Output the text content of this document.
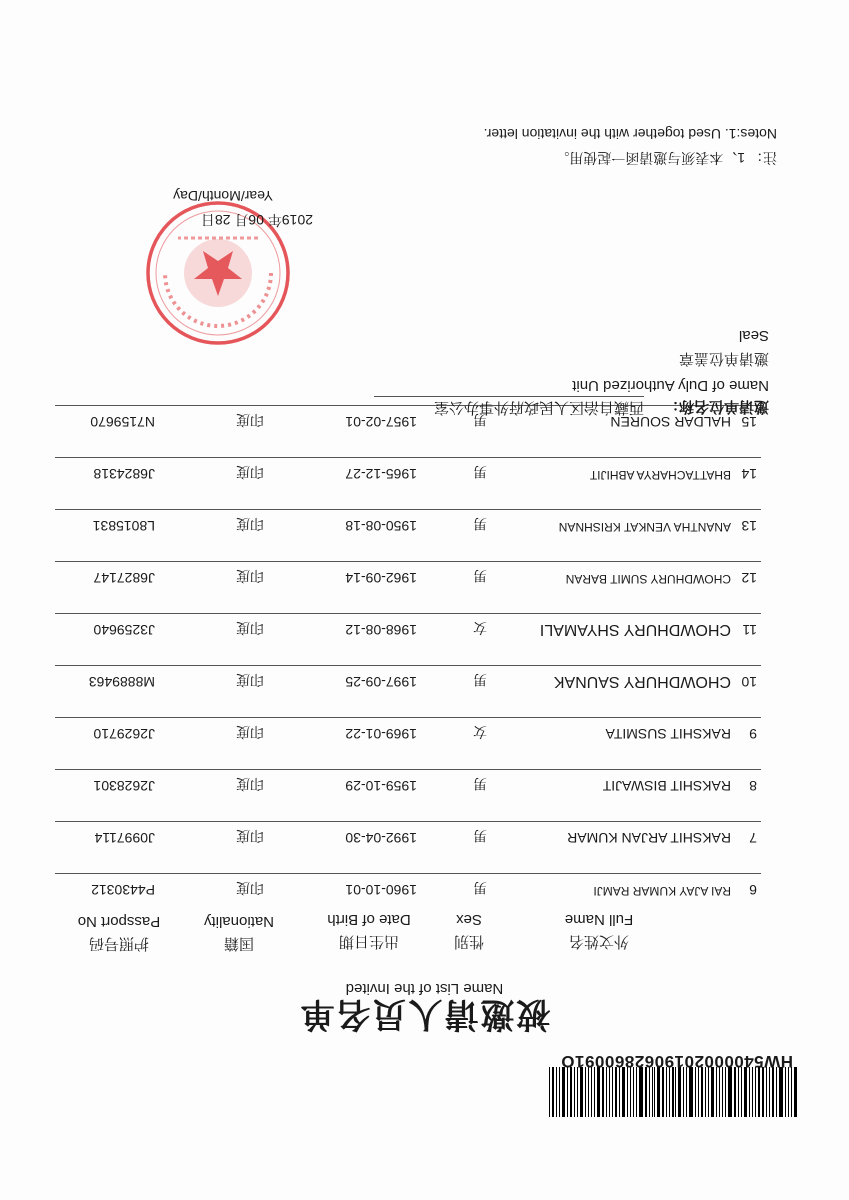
HW5400002019062860091O
被邀请人员名单
Name List of the Invited
外文姓名
Full Name
性别
Sex
出生日期
Date of Birth
国籍
Nationality
护照号码
Passport No
6
RAI AJAY KUMAR RAMJI
男
1960-10-01
印度
P4430312
7
RAKSHIT ARJAN KUMAR
男
1992-04-30
印度
J0997114
8
RAKSHIT BISWAJIT
男
1959-10-29
印度
J2628301
9
RAKSHIT SUSMITA
女
1969-01-22
印度
J2629710
10
CHOWDHURY SAUNAK
男
1997-09-25
印度
M8889463
11
CHOWDHURY SHYAMALI
女
1968-08-12
印度
J3259640
12
CHOWDHURY SUMIT BARAN
男
1962-09-14
印度
J6827147
13
ANANTHA VENKAT KRISHNAN
男
1950-08-18
印度
L8015831
14
BHATTACHARYA ABHIJIT
男
1965-12-27
印度
J6824318
15
HALDAR SOUREN
男
1957-02-01
印度
N7159670
邀请单位名称：
西藏自治区人民政府外事办公室
Name of Duly Authorized Unit
邀请单位盖章
Seal
2019年 06月 28日
Year/Month/Day
注： 1、本表须与邀请函一起使用。
Notes:1. Used together with the invitation letter.
